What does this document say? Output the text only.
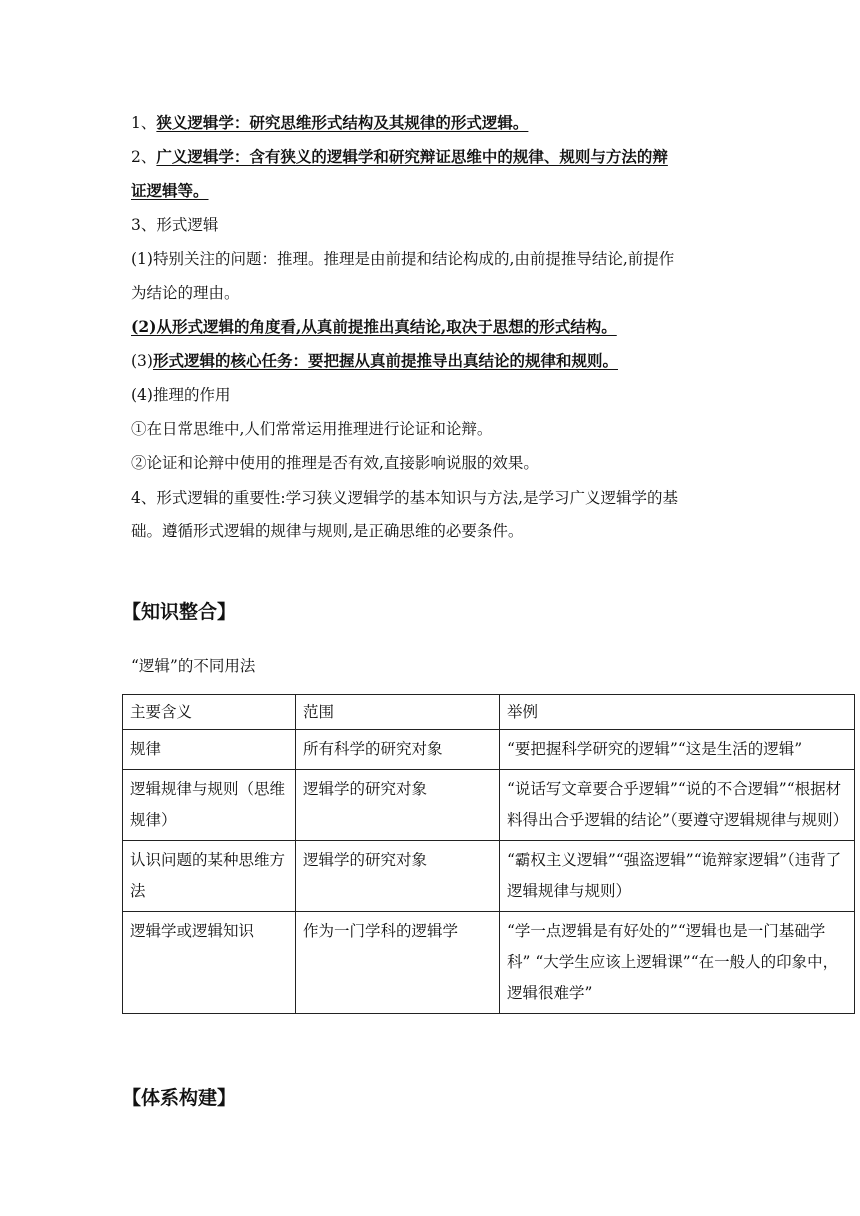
1、狭义逻辑学：研究思维形式结构及其规律的形式逻辑。
2、广义逻辑学：含有狭义的逻辑学和研究辩证思维中的规律、规则与方法的辩
证逻辑等。
3、形式逻辑
(1)特别关注的问题：推理。推理是由前提和结论构成的,由前提推导结论,前提作
为结论的理由。
(2)从形式逻辑的角度看,从真前提推出真结论,取决于思想的形式结构。
(3)形式逻辑的核心任务：要把握从真前提推导出真结论的规律和规则。
(4)推理的作用
①在日常思维中,人们常常运用推理进行论证和论辩。
②论证和论辩中使用的推理是否有效,直接影响说服的效果。
4、形式逻辑的重要性:学习狭义逻辑学的基本知识与方法,是学习广义逻辑学的基
础。遵循形式逻辑的规律与规则,是正确思维的必要条件。
【知识整合】
“逻辑”的不同用法
主要含义	范围	举例
规律	所有科学的研究对象	“要把握科学研究的逻辑”“这是生活的逻辑”
逻辑规律与规则（思维规律）	逻辑学的研究对象	“说话写文章要合乎逻辑”“说的不合逻辑”“根据材料得出合乎逻辑的结论”（要遵守逻辑规律与规则）
认识问题的某种思维方法	逻辑学的研究对象	“霸权主义逻辑”“强盗逻辑”“诡辩家逻辑”（违背了逻辑规律与规则）
逻辑学或逻辑知识	作为一门学科的逻辑学	“学一点逻辑是有好处的”“逻辑也是一门基础学科” “大学生应该上逻辑课”“在一般人的印象中，逻辑很难学”
【体系构建】
